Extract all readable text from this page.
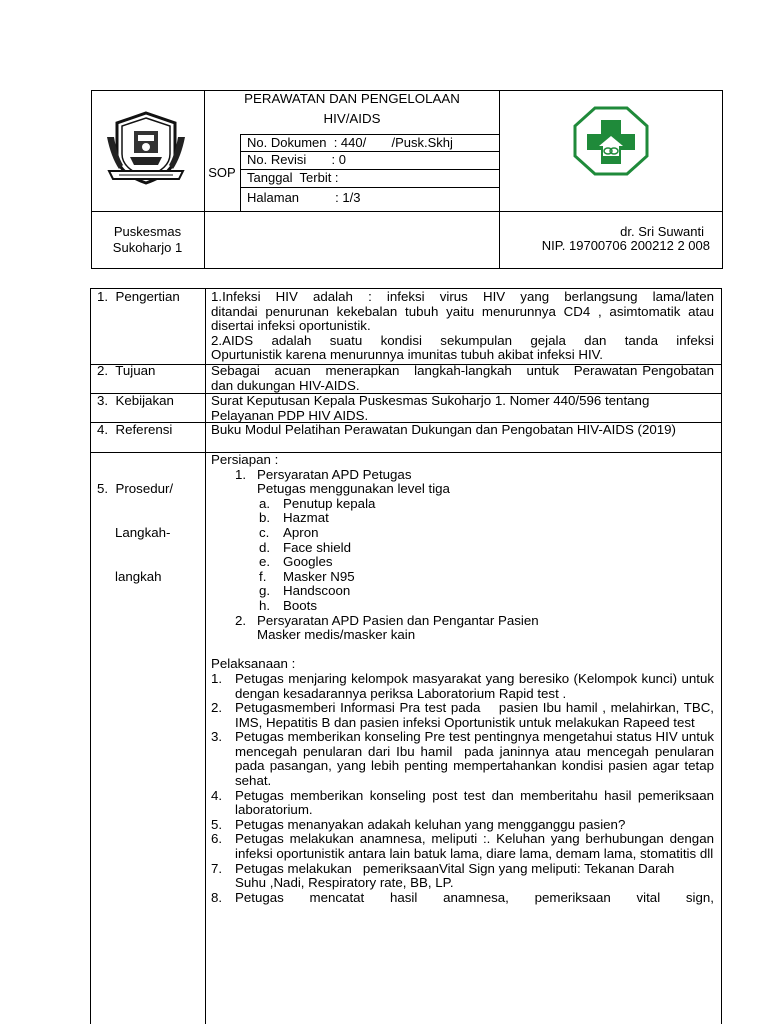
PERAWATAN DAN PENGELOLAAN
HIV/AIDS
SOP
No. Dokumen  : 440/       /Pusk.Skhj
No. Revisi       : 0
Tanggal  Terbit :
Halaman          : 1/3
Puskesmas
Sukoharjo 1
dr. Sri Suwanti
NIP. 19700706 200212 2 008
1.  Pengertian
2.  Tujuan
3.  Kebijakan
4.  Referensi

5.  Prosedur/

Langkah-

langkah

1.Infeksi  HIV  adalah  :  infeksi  virus  HIV  yang  berlangsung  lama/laten
ditandai penurunan kekebalan tubuh yaitu menurunnya CD4 , asimtomatik atau disertai infeksi oportunistik.
2.AIDS   adalah   suatu   kondisi   sekumpulan   gejala   dan   tanda   infeksi
Opurtunistik karena menurunnya imunitas tubuh akibat infeksi HIV.
Sebagai   acuan   menerapkan   langkah-langkah   untuk   Perawatan Pengobatan dan dukungan HIV-AIDS.
Surat Keputusan Kepala Puskesmas Sukoharjo 1. Nomer 440/596 tentang Pelayanan PDP HIV AIDS.
Buku Modul Pelatihan Perawatan Dukungan dan Pengobatan HIV-AIDS (2019)
Persiapan :
1. Persyaratan APD Petugas
Petugas menggunakan level tiga
a. Penutup kepala
b. Hazmat
c.	Apron
d. Face shield
e. Googles
f.	Masker N95
g. Handscoon
h. Boots
2. Persyaratan APD Pasien dan Pengantar Pasien
Masker medis/masker kain
Pelaksanaan :
1. Petugas menjaring kelompok masyarakat yang beresiko (Kelompok kunci) untuk dengan kesadarannya periksa Laboratorium Rapid test .
2. Petugasmemberi Informasi Pra test pada    pasien Ibu hamil , melahirkan, TBC, IMS, Hepatitis B dan pasien infeksi Oportunistik untuk melakukan Rapeed test
3. Petugas memberikan konseling Pre test pentingnya mengetahui status HIV untuk mencegah penularan dari Ibu hamil  pada janinnya atau mencegah penularan pada pasangan, yang lebih penting mempertahankan kondisi pasien agar tetap sehat.
4. Petugas memberikan konseling post test dan memberitahu hasil pemeriksaan laboratorium.
5. Petugas menanyakan adakah keluhan yang mengganggu pasien?
6. Petugas melakukan anamnesa, meliputi :. Keluhan yang berhubungan dengan infeksi oportunistik antara lain batuk lama, diare lama, demam lama, stomatitis dll
7. Petugas melakukan   pemeriksaanVital Sign yang meliputi: Tekanan Darah
Suhu ,Nadi, Respiratory rate, BB, LP.
8. Petugas    mencatat    hasil    anamnesa,    pemeriksaan    vital    sign,
